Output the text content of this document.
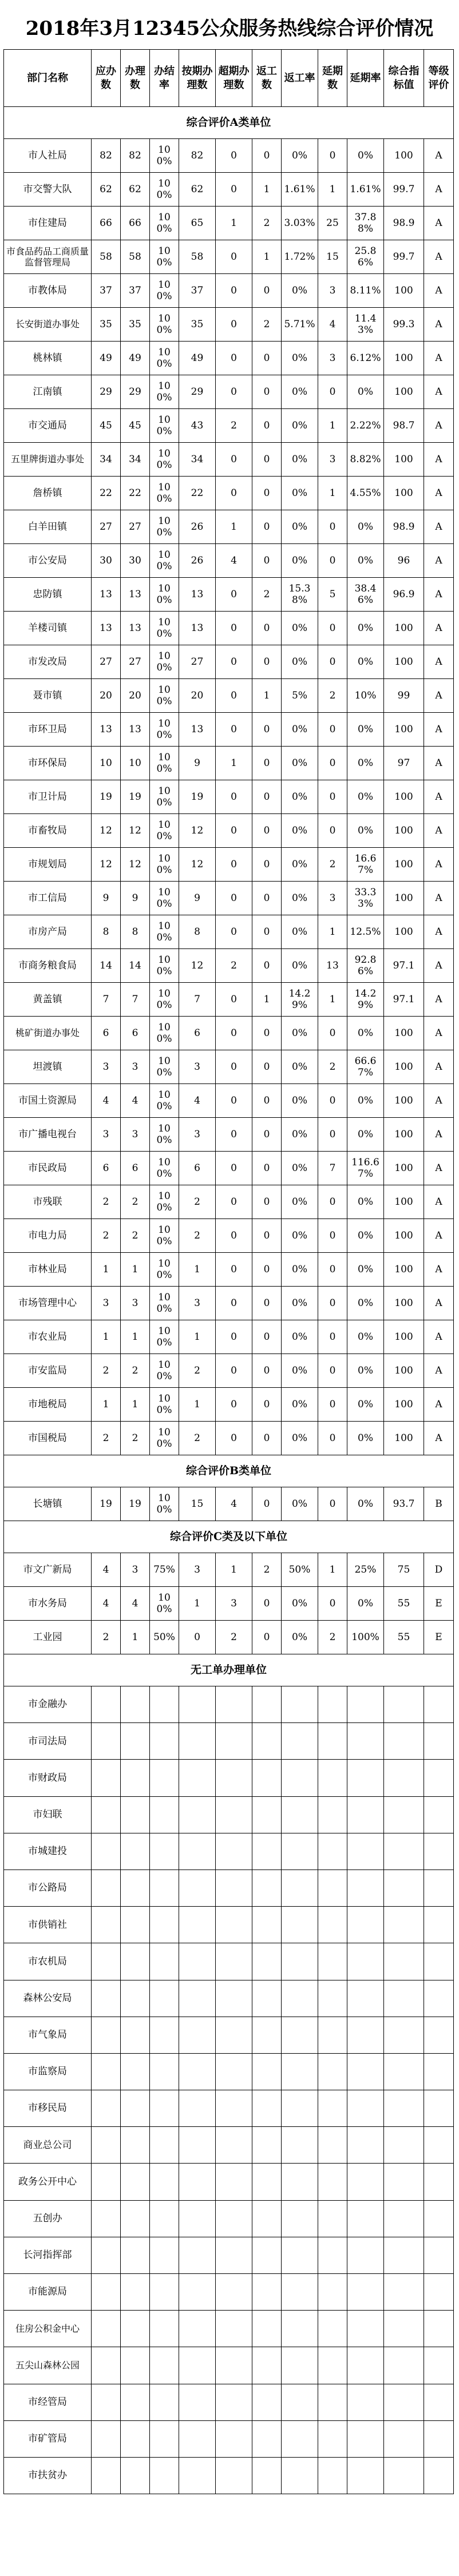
2018年3月12345公众服务热线综合评价情况
部门名称	应办数	办理数	办结率	按期办理数	超期办理数	返工数	返工率	延期数	延期率	综合指标值	等级评价
综合评价A类单位											
市人社局	82	82	100%	82	0	0	0%	0	0%	100	A
市交警大队	62	62	100%	62	0	1	1.61%	1	1.61%	99.7	A
市住建局	66	66	100%	65	1	2	3.03%	25	37.88%	98.9	A
市食品药品工商质量监督管理局	58	58	100%	58	0	1	1.72%	15	25.86%	99.7	A
市教体局	37	37	100%	37	0	0	0%	3	8.11%	100	A
长安街道办事处	35	35	100%	35	0	2	5.71%	4	11.43%	99.3	A
桃林镇	49	49	100%	49	0	0	0%	3	6.12%	100	A
江南镇	29	29	100%	29	0	0	0%	0	0%	100	A
市交通局	45	45	100%	43	2	0	0%	1	2.22%	98.7	A
五里牌街道办事处	34	34	100%	34	0	0	0%	3	8.82%	100	A
詹桥镇	22	22	100%	22	0	0	0%	1	4.55%	100	A
白羊田镇	27	27	100%	26	1	0	0%	0	0%	98.9	A
市公安局	30	30	100%	26	4	0	0%	0	0%	96	A
忠防镇	13	13	100%	13	0	2	15.38%	5	38.46%	96.9	A
羊楼司镇	13	13	100%	13	0	0	0%	0	0%	100	A
市发改局	27	27	100%	27	0	0	0%	0	0%	100	A
聂市镇	20	20	100%	20	0	1	5%	2	10%	99	A
市环卫局	13	13	100%	13	0	0	0%	0	0%	100	A
市环保局	10	10	100%	9	1	0	0%	0	0%	97	A
市卫计局	19	19	100%	19	0	0	0%	0	0%	100	A
市畜牧局	12	12	100%	12	0	0	0%	0	0%	100	A
市规划局	12	12	100%	12	0	0	0%	2	16.67%	100	A
市工信局	9	9	100%	9	0	0	0%	3	33.33%	100	A
市房产局	8	8	100%	8	0	0	0%	1	12.5%	100	A
市商务粮食局	14	14	100%	12	2	0	0%	13	92.86%	97.1	A
黄盖镇	7	7	100%	7	0	1	14.29%	1	14.29%	97.1	A
桃矿街道办事处	6	6	100%	6	0	0	0%	0	0%	100	A
坦渡镇	3	3	100%	3	0	0	0%	2	66.67%	100	A
市国土资源局	4	4	100%	4	0	0	0%	0	0%	100	A
市广播电视台	3	3	100%	3	0	0	0%	0	0%	100	A
市民政局	6	6	100%	6	0	0	0%	7	116.67%	100	A
市残联	2	2	100%	2	0	0	0%	0	0%	100	A
市电力局	2	2	100%	2	0	0	0%	0	0%	100	A
市林业局	1	1	100%	1	0	0	0%	0	0%	100	A
市场管理中心	3	3	100%	3	0	0	0%	0	0%	100	A
市农业局	1	1	100%	1	0	0	0%	0	0%	100	A
市安监局	2	2	100%	2	0	0	0%	0	0%	100	A
市地税局	1	1	100%	1	0	0	0%	0	0%	100	A
市国税局	2	2	100%	2	0	0	0%	0	0%	100	A
综合评价B类单位											
长塘镇	19	19	100%	15	4	0	0%	0	0%	93.7	B
综合评价C类及以下单位											
市文广新局	4	3	75%	3	1	2	50%	1	25%	75	D
市水务局	4	4	100%	1	3	0	0%	0	0%	55	E
工业园	2	1	50%	0	2	0	0%	2	100%	55	E
无工单办理单位											
市金融办											
市司法局											
市财政局											
市妇联											
市城建投											
市公路局											
市供销社											
市农机局											
森林公安局											
市气象局											
市监察局											
市移民局											
商业总公司											
政务公开中心											
五创办											
长河指挥部											
市能源局											
住房公积金中心											
五尖山森林公园											
市经管局											
市矿管局											
市扶贫办											
